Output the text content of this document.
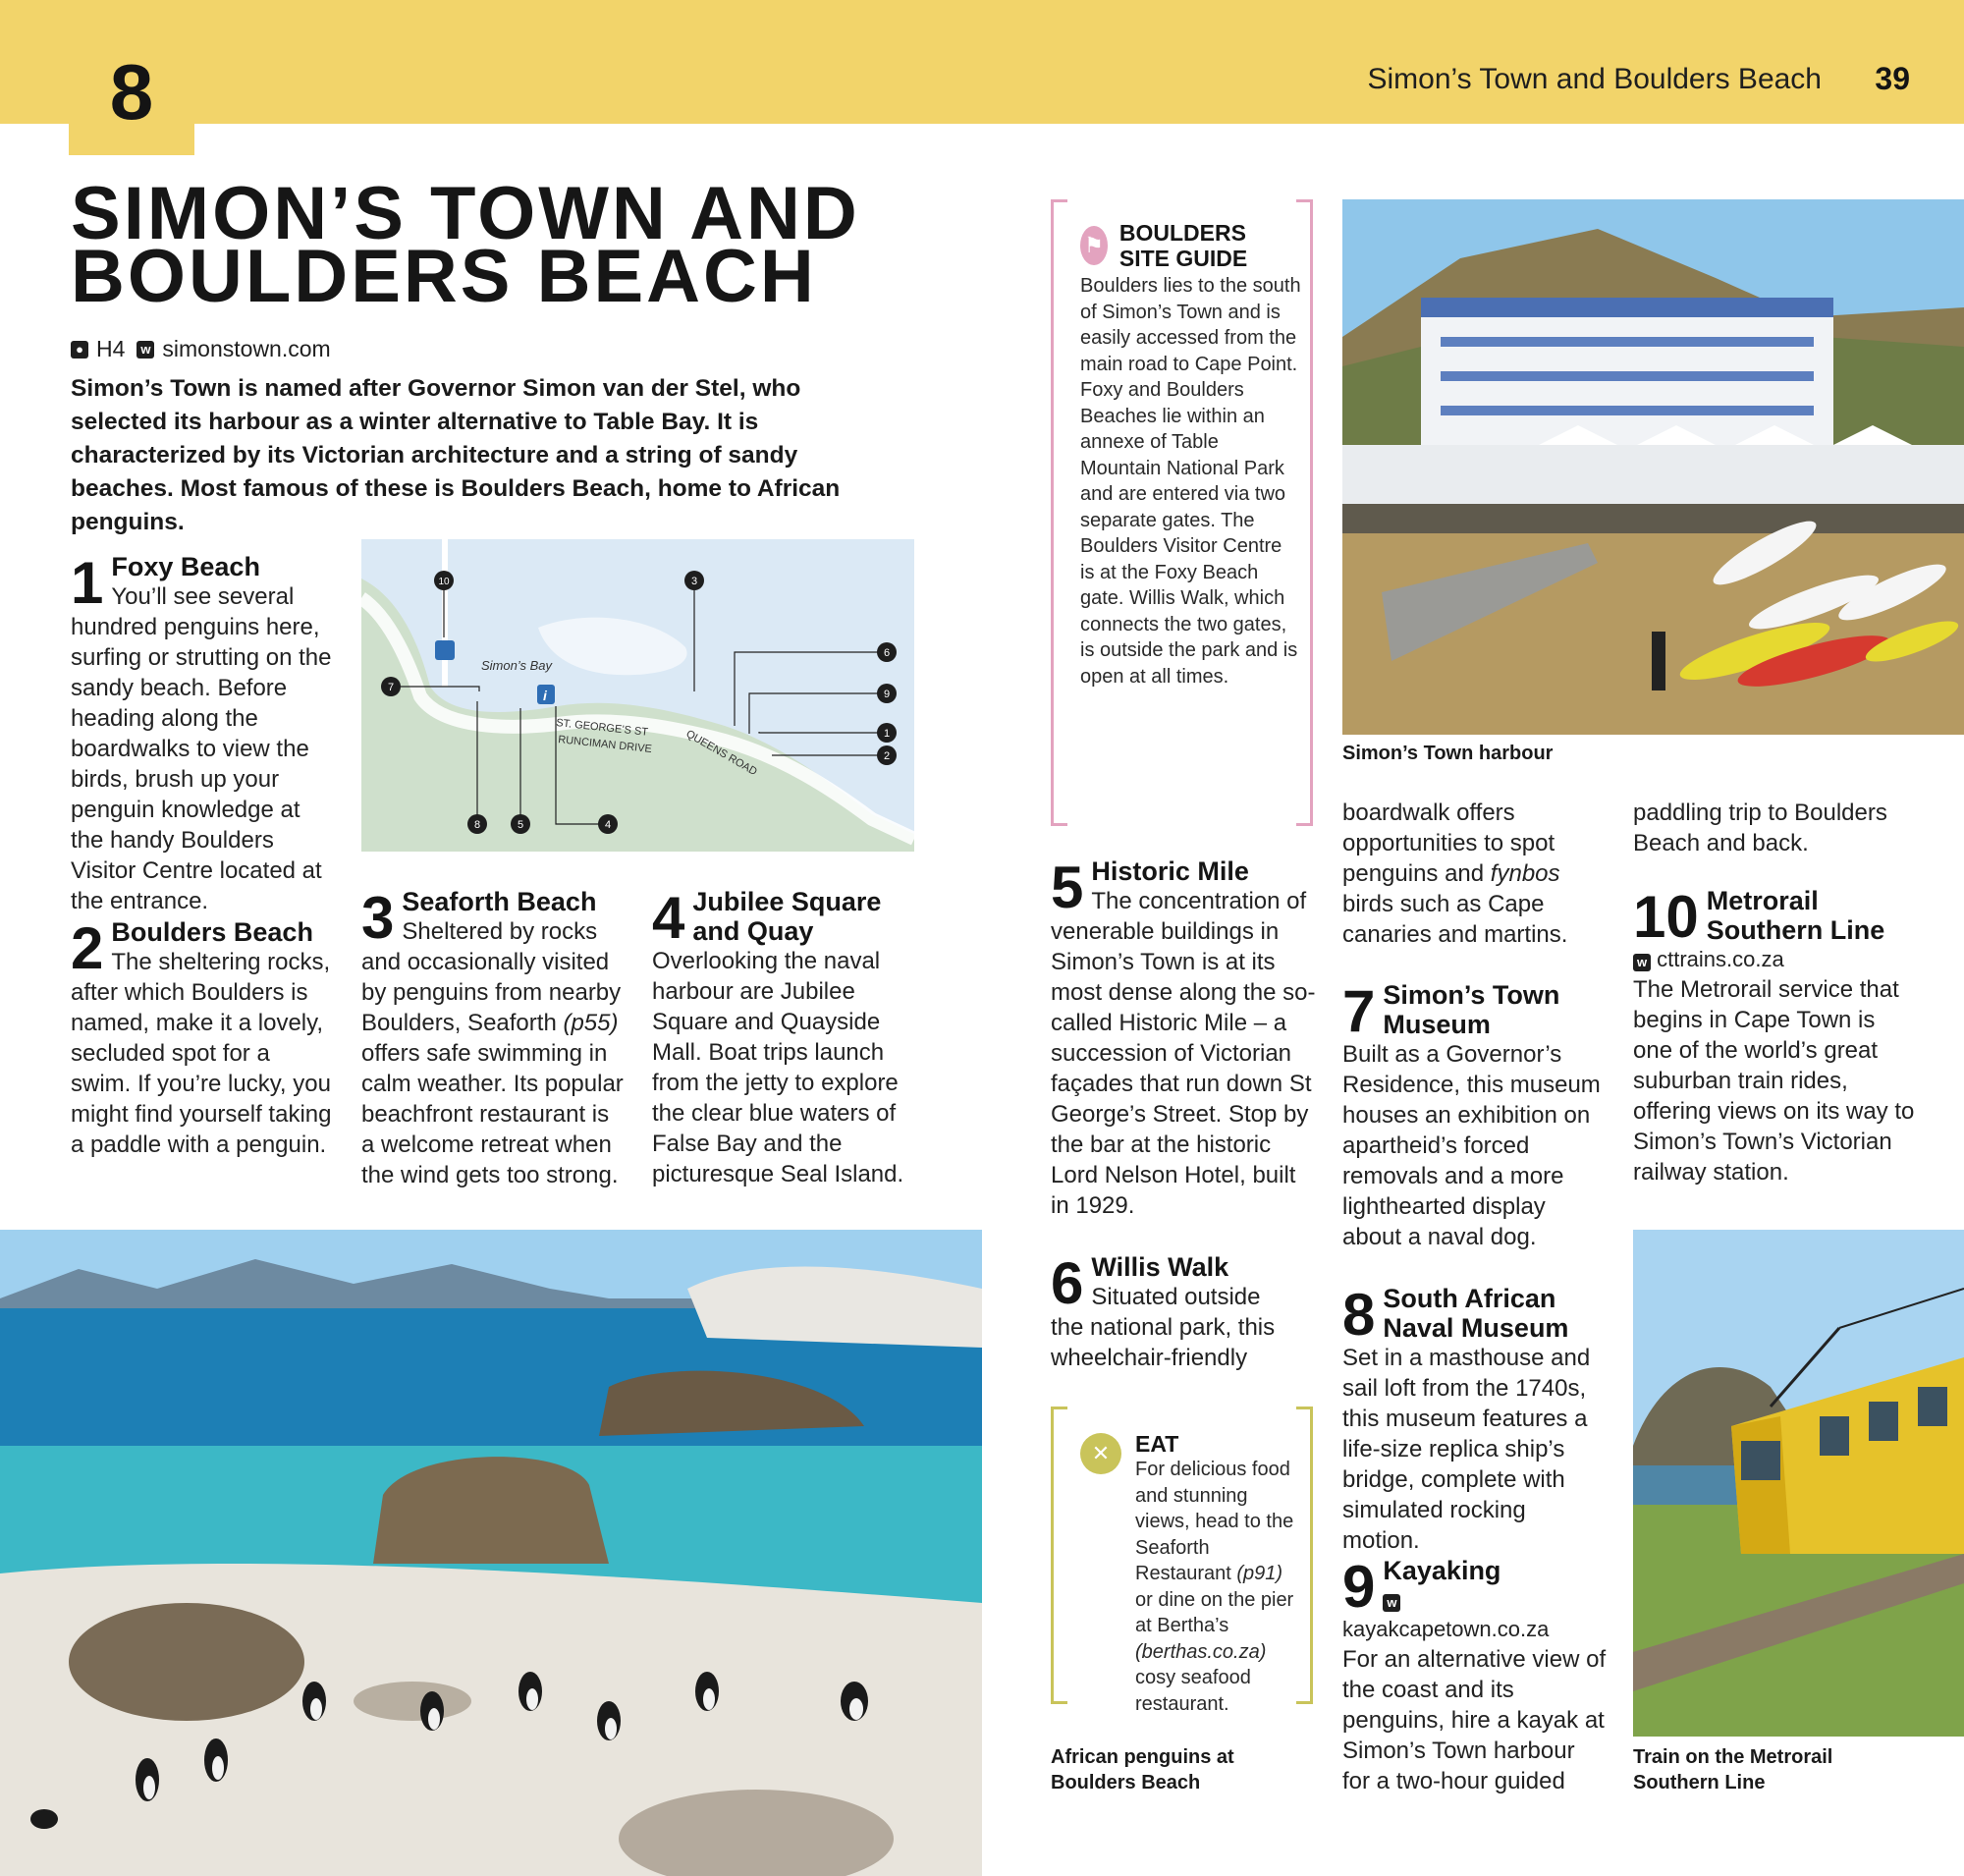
8	Simon’s Town and Boulders Beach 39
SIMON’S TOWN AND
BOULDERS BEACH
● H4	w simonstown.com
Simon’s Town is named after Governor Simon van der Stel, who selected its harbour as a winter alternative to Table Bay. It is characterized by its Victorian architecture and a string of sandy beaches. Most famous of these is Boulders Beach, home to African penguins.
1 Foxy Beach
You’ll see several hundred penguins here, surfing or strutting on the sandy beach. Before heading along the boardwalks to view the birds, brush up your penguin knowledge at the handy Boulders Visitor Centre located at the entrance.
Simon’s Bay
ST. GEORGE’S ST
RUNCIMAN DRIVE	QUEENS ROAD
i
10	3
6
9
7
1
2
8	5	4
2 Boulders Beach
The sheltering rocks, after which Boulders is named, make it a lovely, secluded spot for a swim. If you’re lucky, you might find yourself taking a paddle with a penguin.
3 Seaforth Beach
Sheltered by rocks and occasionally visited by penguins from nearby Boulders, Seaforth (p55) offers safe swimming in calm weather. Its popular beachfront restaurant is a welcome retreat when the wind gets too strong.
4 Jubilee Square and Quay
Overlooking the naval harbour are Jubilee Square and Quayside Mall. Boat trips launch from the jetty to explore the clear blue waters of False Bay and the picturesque Seal Island.
⚑ BOULDERS SITE GUIDE
Boulders lies to the south of Simon’s Town and is easily accessed from the main road to Cape Point. Foxy and Boulders Beaches lie within an annexe of Table Mountain National Park and are entered via two separate gates. The Boulders Visitor Centre is at the Foxy Beach gate. Willis Walk, which connects the two gates, is outside the park and is open at all times.
Simon’s Town harbour
5 Historic Mile
The concentration of venerable buildings in Simon’s Town is at its most dense along the so-called Historic Mile – a succession of Victorian façades that run down St George’s Street. Stop by the bar at the historic Lord Nelson Hotel, built in 1929.
6 Willis Walk
Situated outside the national park, this wheelchair-friendly
✕	EAT
For delicious food and stunning views, head to the Seaforth Restaurant (p91) or dine on the pier at Bertha’s (berthas.co.za) cosy seafood restaurant.
African penguins at Boulders Beach
boardwalk offers opportunities to spot penguins and fynbos birds such as Cape canaries and martins.
7 Simon’s Town Museum
Built as a Governor’s Residence, this museum houses an exhibition on apartheid’s forced removals and a more lighthearted display about a naval dog.
8 South African Naval Museum
Set in a masthouse and sail loft from the 1740s, this museum features a life-size replica ship’s bridge, complete with simulated rocking motion.
9 Kayaking
w kayakcapetown.co.za
For an alternative view of the coast and its penguins, hire a kayak at Simon’s Town harbour for a two-hour guided
paddling trip to Boulders Beach and back.
10 Metrorail Southern Line
w cttrains.co.za
The Metrorail service that begins in Cape Town is one of the world’s great suburban train rides, offering views on its way to Simon’s Town’s Victorian railway station.
Train on the Metrorail Southern Line
